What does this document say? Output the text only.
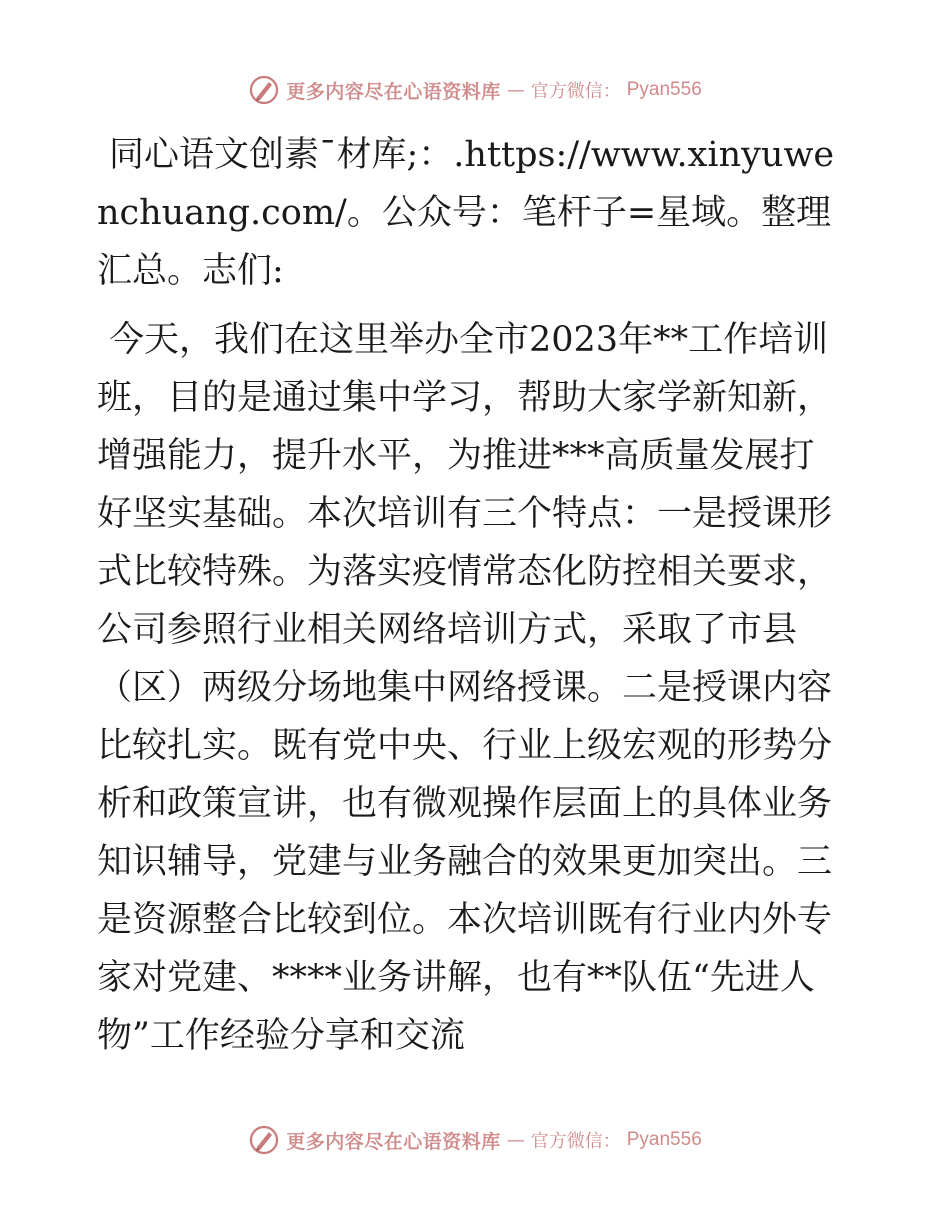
更多内容尽在心语资料库 — 官方微信： Pyan556

同心语文创素¯材库;：.https://www.xinyuwenchuang.com/。公众号：笔杆子=星域。整理汇总。志们:

今天，我们在这里举办全市2023年**工作培训班，目的是通过集中学习，帮助大家学新知新，增强能力，提升水平，为推进***高质量发展打好坚实基础。本次培训有三个特点：一是授课形式比较特殊。为落实疫情常态化防控相关要求，公司参照行业相关网络培训方式，采取了市县（区）两级分场地集中网络授课。二是授课内容比较扎实。既有党中央、行业上级宏观的形势分析和政策宣讲，也有微观操作层面上的具体业务知识辅导，党建与业务融合的效果更加突出。三是资源整合比较到位。本次培训既有行业内外专家对党建、****业务讲解，也有**队伍“先进人物”工作经验分享和交流

更多内容尽在心语资料库 — 官方微信： Pyan556
